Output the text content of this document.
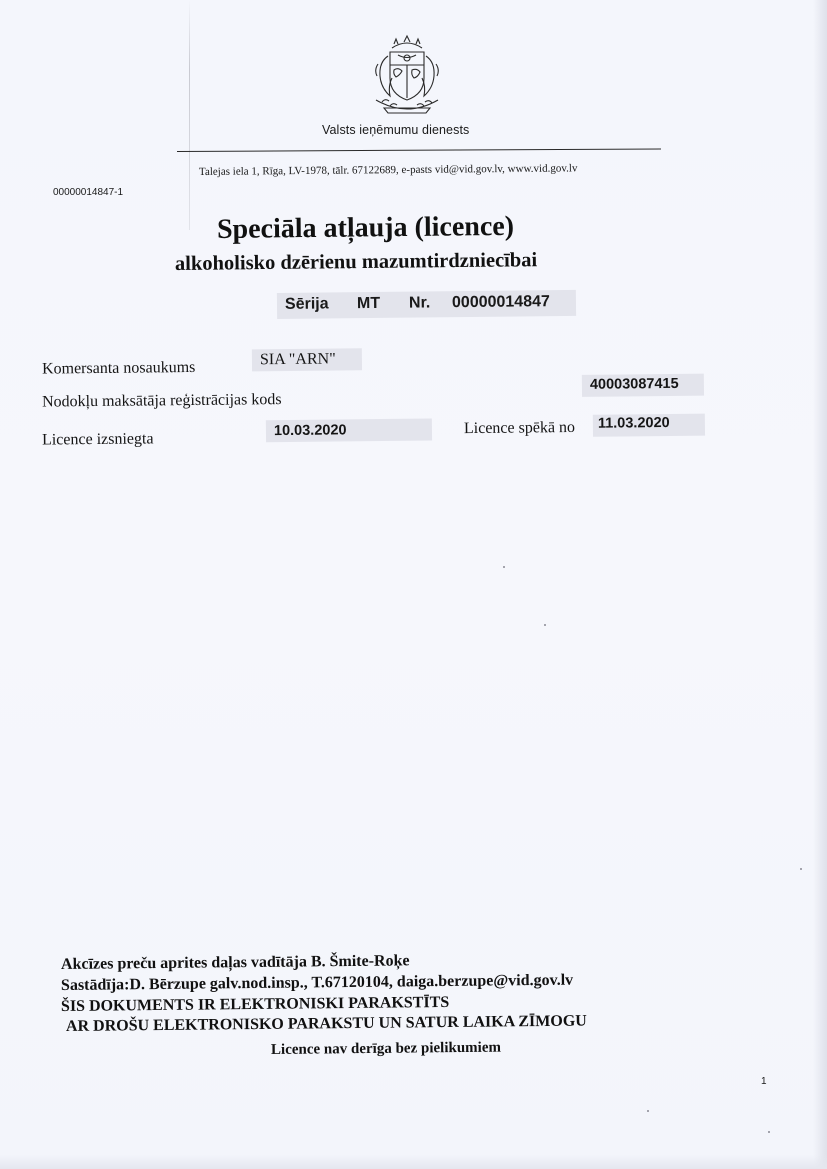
Valsts ieņēmumu dienests
Talejas iela 1, Rīga, LV-1978, tālr. 67122689, e-pasts vid@vid.gov.lv, www.vid.gov.lv
00000014847-1
Speciāla atļauja (licence)
alkoholisko dzērienu mazumtirdzniecībai
Sērija MT Nr. 00000014847
Komersanta nosaukums	SIA "ARN"
Nodokļu maksātāja reģistrācijas kods
40003087415
Licence izsniegta	10.03.2020	Licence spēkā no 11.03.2020
Akcīzes preču aprites daļas vadītāja B. Šmite-Roķe
Sastādīja:D. Bērzupe galv.nod.insp., T.67120104, daiga.berzupe@vid.gov.lv
ŠIS DOKUMENTS IR ELEKTRONISKI PARAKSTĪTS
AR DROŠU ELEKTRONISKO PARAKSTU UN SATUR LAIKA ZĪMOGU
Licence nav derīga bez pielikumiem
1
